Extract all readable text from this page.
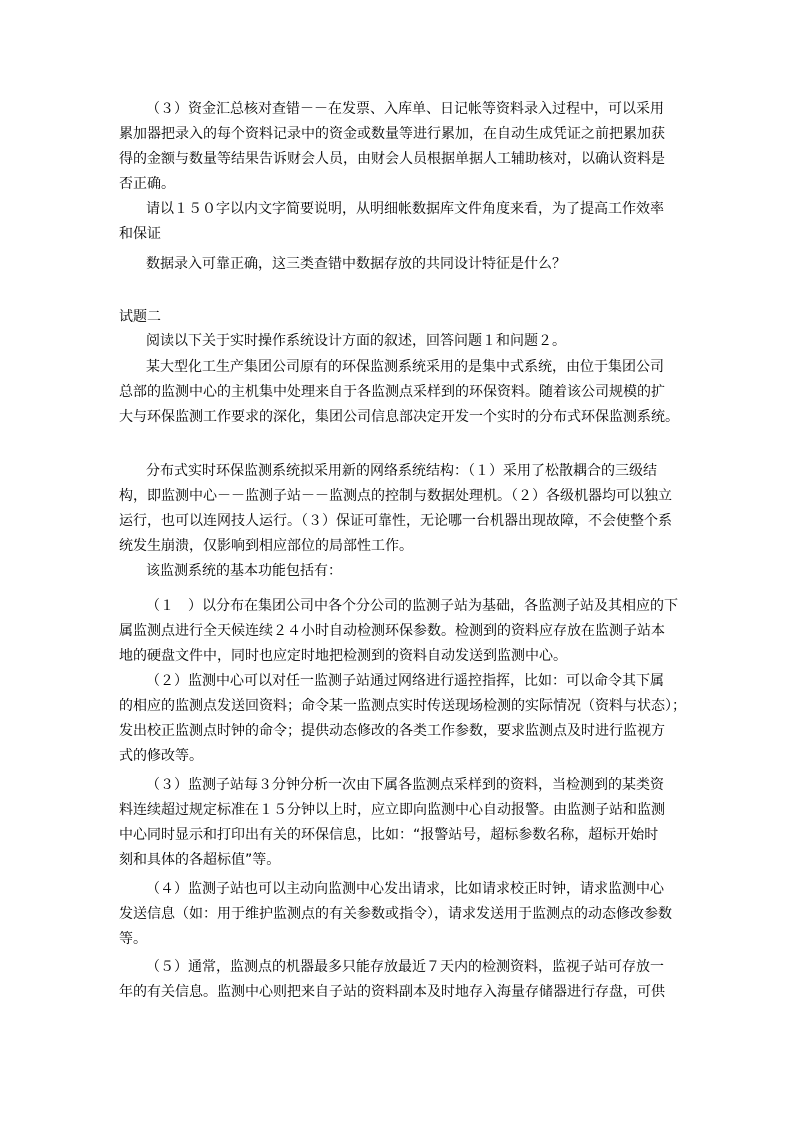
（３）资金汇总核对查错－－在发票、入库单、日记帐等资料录入过程中，可以采用
累加器把录入的每个资料记录中的资金或数量等进行累加，在自动生成凭证之前把累加获
得的金额与数量等结果告诉财会人员，由财会人员根据单据人工辅助核对，以确认资料是
否正确。
请以１５０字以内文字简要说明，从明细帐数据库文件角度来看，为了提高工作效率
和保证
数据录入可靠正确，这三类查错中数据存放的共同设计特征是什么？
试题二
阅读以下关于实时操作系统设计方面的叙述，回答问题１和问题２。
某大型化工生产集团公司原有的环保监测系统采用的是集中式系统，由位于集团公司
总部的监测中心的主机集中处理来自于各监测点采样到的环保资料。随着该公司规模的扩
大与环保监测工作要求的深化，集团公司信息部决定开发一个实时的分布式环保监测系统。
分布式实时环保监测系统拟采用新的网络系统结构：（１）采用了松散耦合的三级结
构，即监测中心－－监测子站－－监测点的控制与数据处理机。（２）各级机器均可以独立
运行，也可以连网技人运行。（３）保证可靠性，无论哪一台机器出现故障，不会使整个系
统发生崩溃，仅影响到相应部位的局部性工作。
该监测系统的基本功能包括有：
（１　）以分布在集团公司中各个分公司的监测子站为基础，各监测子站及其相应的下
属监测点进行全天候连续２４小时自动检测环保参数。检测到的资料应存放在监测子站本
地的硬盘文件中，同时也应定时地把检测到的资料自动发送到监测中心。
（２）监测中心可以对任一监测子站通过网络进行遥控指挥，比如：可以命令其下属
的相应的监测点发送回资料；命令某一监测点实时传送现场检测的实际情况（资料与状态）；
发出校正监测点时钟的命令；提供动态修改的各类工作参数，要求监测点及时进行监视方
式的修改等。
（３）监测子站每３分钟分析一次由下属各监测点采样到的资料，当检测到的某类资
料连续超过规定标准在１５分钟以上时，应立即向监测中心自动报警。由监测子站和监测
中心同时显示和打印出有关的环保信息，比如：“报警站号，超标参数名称，超标开始时
刻和具体的各超标值”等。
（４）监测子站也可以主动向监测中心发出请求，比如请求校正时钟，请求监测中心
发送信息（如：用于维护监测点的有关参数或指令），请求发送用于监测点的动态修改参数
等。
（５）通常，监测点的机器最多只能存放最近７天内的检测资料，监视子站可存放一
年的有关信息。监测中心则把来自子站的资料副本及时地存入海量存储器进行存盘，可供
